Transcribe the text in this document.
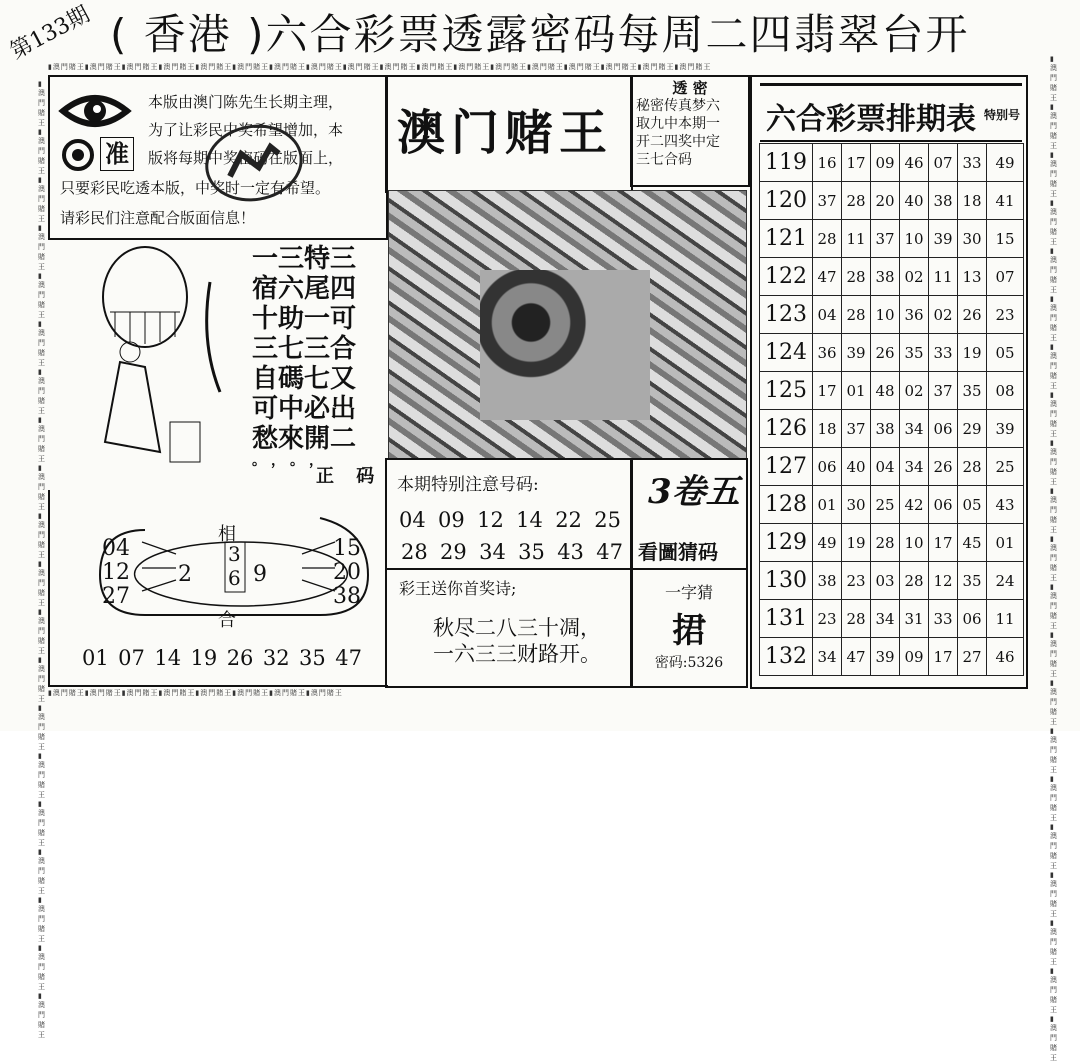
第133期 ( 香港 )六合彩票透露密码每周二四翡翠台开
▮澳門賭王▮澳門賭王▮澳門賭王▮澳門賭王▮澳門賭王▮澳門賭王▮澳門賭王▮澳門賭王▮澳門賭王▮澳門賭王▮澳門賭王▮澳門賭王▮澳門賭王▮澳門賭王▮澳門賭王▮澳門賭王▮澳門賭王▮澳門賭王
▮澳門賭王▮澳門賭王▮澳門賭王▮澳門賭王▮澳門賭王▮澳門賭王▮澳門賭王▮澳門賭王▮澳門賭王▮澳門賭王▮澳門賭王▮澳門賭王▮澳門賭王▮澳門賭王▮澳門賭王▮澳門賭王▮澳門賭王▮澳門賭王▮澳門賭王▮澳門賭王
▮澳門賭王▮澳門賭王▮澳門賭王▮澳門賭王▮澳門賭王▮澳門賭王▮澳門賭王▮澳門賭王▮澳門賭王▮澳門賭王▮澳門賭王▮澳門賭王▮澳門賭王▮澳門賭王▮澳門賭王▮澳門賭王▮澳門賭王▮澳門賭王▮澳門賭王▮澳門賭王▮澳門賭王
▮澳門賭王▮澳門賭王▮澳門賭王▮澳門賭王▮澳門賭王▮澳門賭王▮澳門賭王▮澳門賭王
准
本版由澳门陈先生长期主理，
为了让彩民中奖希望增加，本
版将每期中奖密码在版面上，
只要彩民吃透本版，中奖时一定有希望。
请彩民们注意配合版面信息！
澳门赌王
透 密
秘密传真梦六
取九中本期一
开二四奖中定
三七合码
一三特三
宿六尾四
十助一可
三七三合
自碼七又
可中必出
愁來開二
。，。，
正 码
04
12
27
15
20
38
2	9
3
6
相
合
01 07 14 19 26 32 35 47
本期特别注意号码:
04 09 12 14 22 25
28 29 34 35 43 47
3卷五
看圖猜码
彩王送你首奖诗;
秋尽二八三十凋，
一六三三财路开。
一字猜
捃
密码:5326
六合彩票排期表 特别号
119	16	17	09	46	07	33	49
120	37	28	20	40	38	18	41
121	28	11	37	10	39	30	15
122	47	28	38	02	11	13	07
123	04	28	10	36	02	26	23
124	36	39	26	35	33	19	05
125	17	01	48	02	37	35	08
126	18	37	38	34	06	29	39
127	06	40	04	34	26	28	25
128	01	30	25	42	06	05	43
129	49	19	28	10	17	45	01
130	38	23	03	28	12	35	24
131	23	28	34	31	33	06	11
132	34	47	39	09	17	27	46
